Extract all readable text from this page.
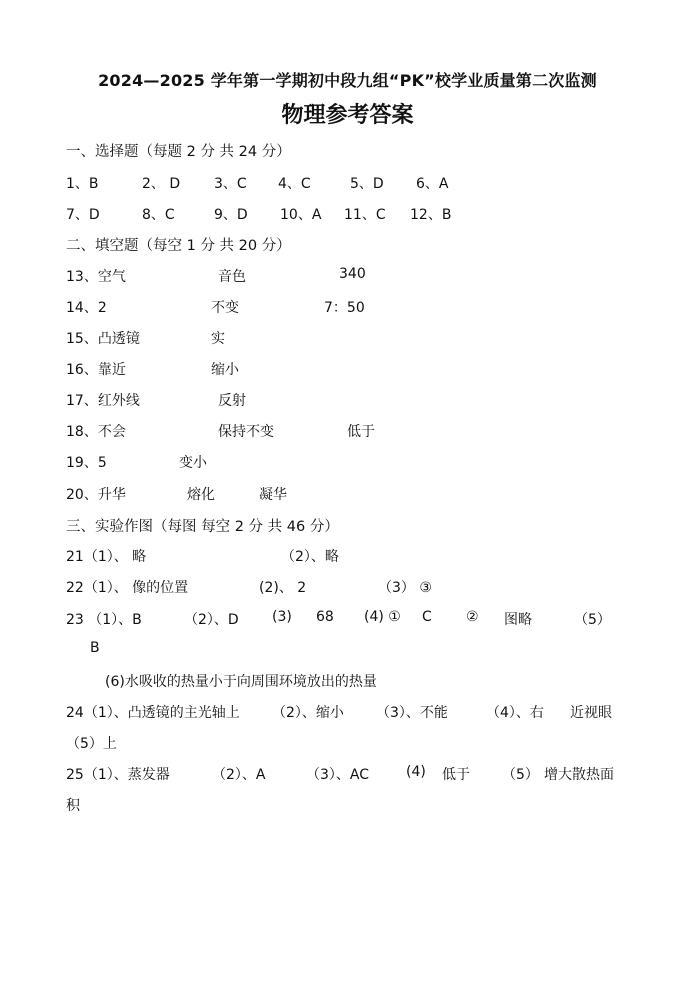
2024—2025 学年第一学期初中段九组“PK”校学业质量第二次监测
物理参考答案
一、选择题（每题 2 分 共 24 分）
1、B	2、 D 3、C 4、C	5、D 6、A
7、D	8、C	9、D 10、A 11、C 12、B
二、填空题（每空 1 分 共 20 分）
13、空气	音色	340
14、2	不变	7：50
15、凸透镜	实
16、靠近	缩小
17、红外线	反射
18、不会	保持不变	低于
19、5	变小
20、升华	熔化	凝华
三、实验作图（每图 每空 2 分 共 46 分）
21（1）、 略	（2）、略
22（1）、 像的位置	(2)、 2	（3） ③
23 （1）、B	（2）、D (3) 68 (4) ① C ② 图略	（5）
B
(6)水吸收的热量小于向周围环境放出的热量
24（1）、凸透镜的主光轴上 （2）、缩小 （3）、不能	（4）、右 近视眼
（5）上
25（1）、蒸发器	（2）、A	（3）、AC	(4) 低于 （5） 增大散热面
积
